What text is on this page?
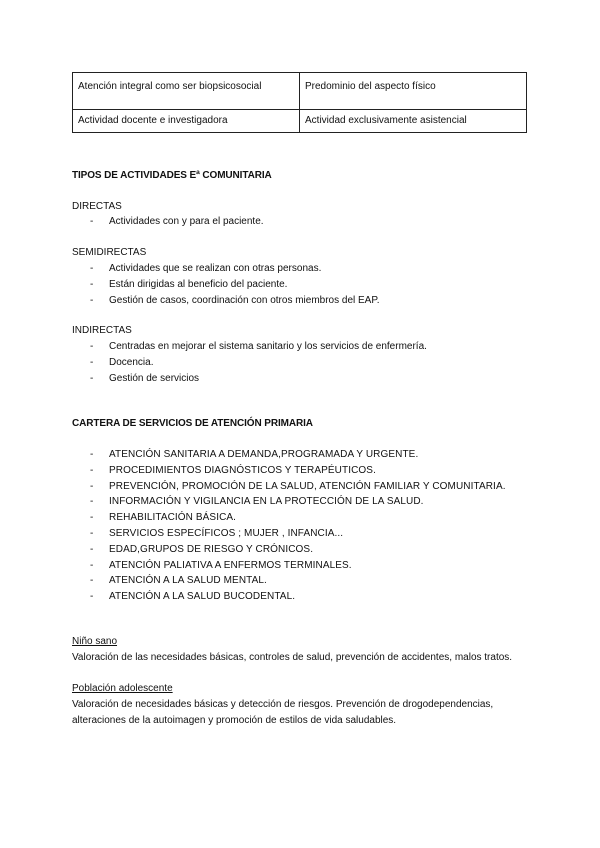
Atención integral como ser biopsicosocial	Predominio del aspecto físico
Actividad docente e investigadora	Actividad exclusivamente asistencial
TIPOS DE ACTIVIDADES Eª COMUNITARIA
DIRECTAS
- Actividades con y para el paciente.
SEMIDIRECTAS
- Actividades que se realizan con otras personas.
- Están dirigidas al beneficio del paciente.
- Gestión de casos, coordinación con otros miembros del EAP.
INDIRECTAS
- Centradas en mejorar el sistema sanitario y los servicios de enfermería.
- Docencia.
- Gestión de servicios
CARTERA DE SERVICIOS DE ATENCIÓN PRIMARIA
- ATENCIÓN SANITARIA A DEMANDA,PROGRAMADA Y URGENTE.
- PROCEDIMIENTOS DIAGNÓSTICOS Y TERAPÉUTICOS.
- PREVENCIÓN, PROMOCIÓN DE LA SALUD, ATENCIÓN FAMILIAR Y COMUNITARIA.
- INFORMACIÓN Y VIGILANCIA EN LA PROTECCIÓN DE LA SALUD.
- REHABILITACIÓN BÁSICA.
- SERVICIOS ESPECÍFICOS ; MUJER , INFANCIA...
- EDAD,GRUPOS DE RIESGO Y CRÓNICOS.
- ATENCIÓN PALIATIVA A ENFERMOS TERMINALES.
- ATENCIÓN A LA SALUD MENTAL.
- ATENCIÓN A LA SALUD BUCODENTAL.
Niño sano
Valoración de las necesidades básicas, controles de salud, prevención de accidentes, malos tratos.
Población adolescente
Valoración de necesidades básicas y detección de riesgos. Prevención de drogodependencias, alteraciones de la autoimagen y promoción de estilos de vida saludables.
